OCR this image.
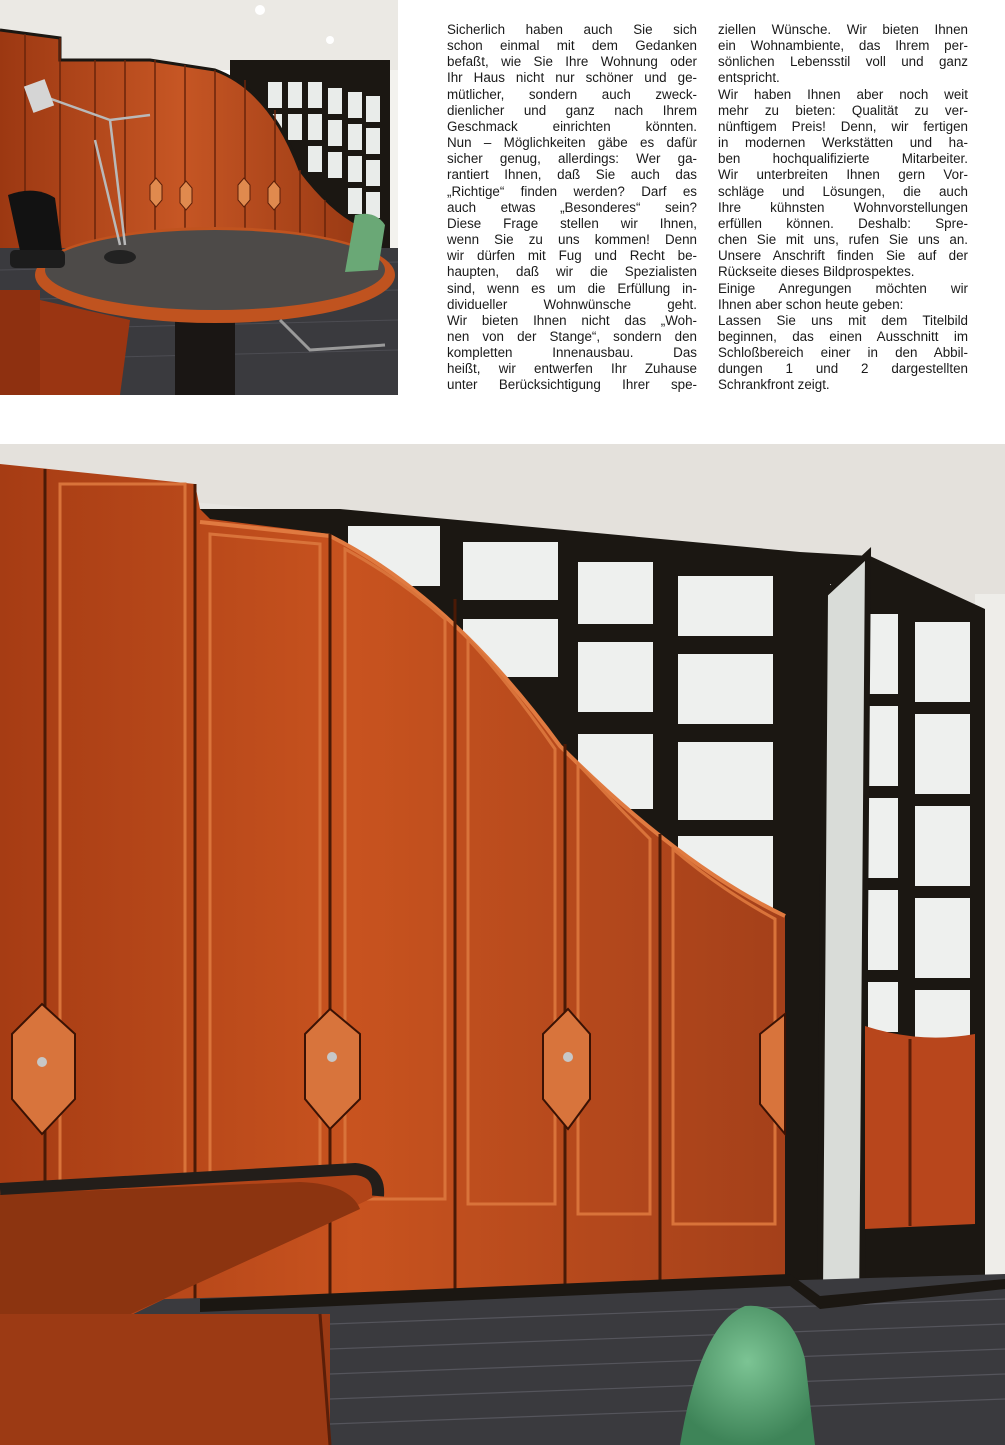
Sicherlich haben auch Sie sich
schon einmal mit dem Gedanken
befaßt, wie Sie Ihre Wohnung oder
Ihr Haus nicht nur schöner und ge-
mütlicher, sondern auch zweck-
dienlicher und ganz nach Ihrem
Geschmack einrichten könnten.
Nun – Möglichkeiten gäbe es dafür
sicher genug, allerdings: Wer ga-
rantiert Ihnen, daß Sie auch das
„Richtige“ finden werden? Darf es
auch etwas „Besonderes“ sein?
Diese Frage stellen wir Ihnen,
wenn Sie zu uns kommen! Denn
wir dürfen mit Fug und Recht be-
haupten, daß wir die Spezialisten
sind, wenn es um die Erfüllung in-
dividueller Wohnwünsche geht.
Wir bieten Ihnen nicht das „Woh-
nen von der Stange“, sondern den
kompletten Innenausbau. Das
heißt, wir entwerfen Ihr Zuhause
unter Berücksichtigung Ihrer spe-

ziellen Wünsche. Wir bieten Ihnen
ein Wohnambiente, das Ihrem per-
sönlichen Lebensstil voll und ganz
entspricht.

Wir haben Ihnen aber noch weit
mehr zu bieten: Qualität zu ver-
nünftigem Preis! Denn, wir fertigen
in modernen Werkstätten und ha-
ben hochqualifizierte Mitarbeiter.
Wir unterbreiten Ihnen gern Vor-
schläge und Lösungen, die auch
Ihre kühnsten Wohnvorstellungen
erfüllen können. Deshalb: Spre-
chen Sie mit uns, rufen Sie uns an.
Unsere Anschrift finden Sie auf der
Rückseite dieses Bildprospektes.
Einige Anregungen möchten wir
Ihnen aber schon heute geben:
Lassen Sie uns mit dem Titelbild
beginnen, das einen Ausschnitt im
Schloßbereich einer in den Abbil-
dungen 1 und 2 dargestellten
Schrankfront zeigt.
